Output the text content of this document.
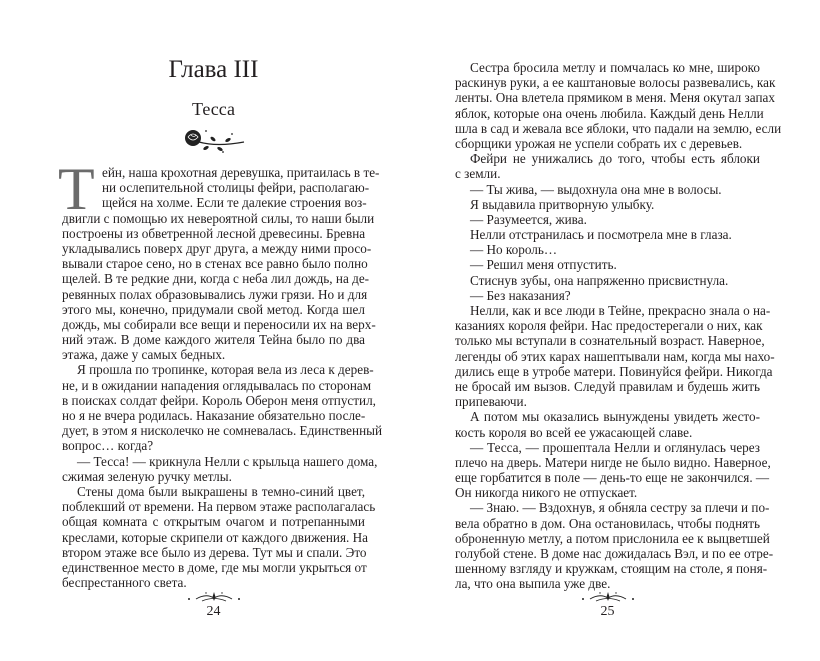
Глава III
Тесса
Т ейн, наша крохотная деревушка, притаилась в те-
ни ослепительной столицы фейри, располагаю-
щейся на холме. Если те далекие строения воз-
двигли с помощью их невероятной силы, то наши были
построены из обветренной лесной древесины. Бревна
укладывались поверх друг друга, а между ними просо-
вывали старое сено, но в стенах все равно было полно
щелей. В те редкие дни, когда с неба лил дождь, на де-
ревянных полах образовывались лужи грязи. Но и для
этого мы, конечно, придумали свой метод. Когда шел
дождь, мы собирали все вещи и переносили их на верх-
ний этаж. В доме каждого жителя Тейна было по два
этажа, даже у самых бедных.
Я прошла по тропинке, которая вела из леса к дерев-
не, и в ожидании нападения оглядывалась по сторонам
в поисках солдат фейри. Король Оберон меня отпустил,
но я не вчера родилась. Наказание обязательно после-
дует, в этом я нисколечко не сомневалась. Единственный
вопрос… когда?
— Тесса! — крикнула Нелли с крыльца нашего дома,
сжимая зеленую ручку метлы.
Стены дома были выкрашены в темно-синий цвет,
поблекший от времени. На первом этаже располагалась
общая комната с открытым очагом и потрепанными
креслами, которые скрипели от каждого движения. На
втором этаже все было из дерева. Тут мы и спали. Это
единственное место в доме, где мы могли укрыться от
беспрестанного света.
24
Сестра бросила метлу и помчалась ко мне, широко
раскинув руки, а ее каштановые волосы развевались, как
ленты. Она влетела прямиком в меня. Меня окутал запах
яблок, которые она очень любила. Каждый день Нелли
шла в сад и жевала все яблоки, что падали на землю, если
сборщики урожая не успели собрать их с деревьев.
Фейри не унижались до того, чтобы есть яблоки
с земли.
— Ты жива, — выдохнула она мне в волосы.
Я выдавила притворную улыбку.
— Разумеется, жива.
Нелли отстранилась и посмотрела мне в глаза.
— Но король…
— Решил меня отпустить.
Стиснув зубы, она напряженно присвистнула.
— Без наказания?
Нелли, как и все люди в Тейне, прекрасно знала о на-
казаниях короля фейри. Нас предостерегали о них, как
только мы вступали в сознательный возраст. Наверное,
легенды об этих карах нашептывали нам, когда мы нахо-
дились еще в утробе матери. Повинуйся фейри. Никогда
не бросай им вызов. Следуй правилам и будешь жить
припеваючи.
А потом мы оказались вынуждены увидеть жесто-
кость короля во всей ее ужасающей славе.
— Тесса, — прошептала Нелли и оглянулась через
плечо на дверь. Матери нигде не было видно. Наверное,
еще горбатится в поле — день-то еще не закончился. —
Он никогда никого не отпускает.
— Знаю. — Вздохнув, я обняла сестру за плечи и по-
вела обратно в дом. Она остановилась, чтобы поднять
оброненную метлу, а потом прислонила ее к выцветшей
голубой стене. В доме нас дожидалась Вэл, и по ее отре-
шенному взгляду и кружкам, стоящим на столе, я поня-
ла, что она выпила уже две.
25
